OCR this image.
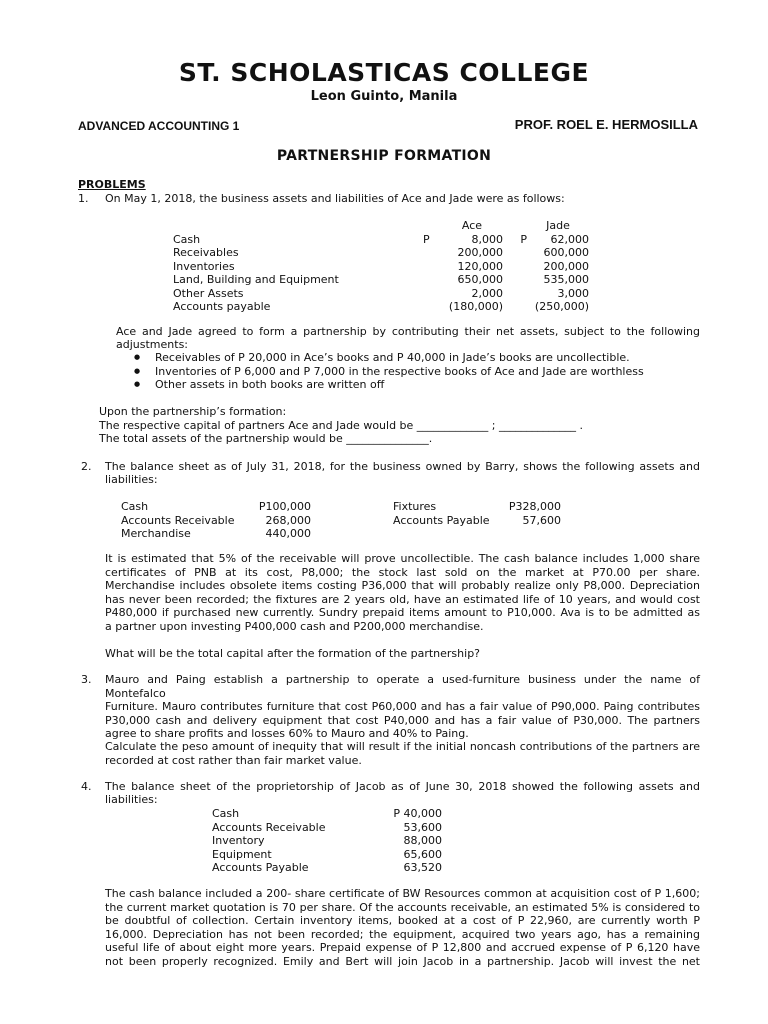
ST. SCHOLASTICAS COLLEGE
Leon Guinto, Manila
ADVANCED ACCOUNTING 1	PROF. ROEL E. HERMOSILLA
PARTNERSHIP FORMATION
PROBLEMS
1. On May 1, 2018, the business assets and liabilities of Ace and Jade were as follows:
		Ace		Jade
Cash	P	8,000	P	62,000
Receivables		200,000		600,000
Inventories		120,000		200,000
Land, Building and Equipment		650,000		535,000
Other Assets		2,000		3,000
Accounts payable		(180,000)		(250,000)
Ace and Jade agreed to form a partnership by contributing their net assets, subject to the following
adjustments:
● Receivables of P 20,000 in Ace’s books and P 40,000 in Jade’s books are uncollectible.
● Inventories of P 6,000 and P 7,000 in the respective books of Ace and Jade are worthless
● Other assets in both books are written off
Upon the partnership’s formation:
The respective capital of partners Ace and Jade would be _____________ ; ______________ .
The total assets of the partnership would be _______________.
2. The balance sheet as of July 31, 2018, for the business owned by Barry, shows the following assets and
liabilities:
Cash	P100,000
Accounts Receivable	268,000
Merchandise	440,000
Fixtures	P328,000
Accounts Payable	57,600
It is estimated that 5% of the receivable will prove uncollectible. The cash balance includes 1,000 share
certificates of PNB at its cost, P8,000; the stock last sold on the market at P70.00 per share.
Merchandise includes obsolete items costing P36,000 that will probably realize only P8,000. Depreciation
has never been recorded; the fixtures are 2 years old, have an estimated life of 10 years, and would cost
P480,000 if purchased new currently. Sundry prepaid items amount to P10,000. Ava is to be admitted as
a partner upon investing P400,000 cash and P200,000 merchandise.
What will be the total capital after the formation of the partnership?
3. Mauro and Paing establish a partnership to operate a used-furniture business under the name of Montefalco
Furniture. Mauro contributes furniture that cost P60,000 and has a fair value of P90,000. Paing contributes
P30,000 cash and delivery equipment that cost P40,000 and has a fair value of P30,000. The partners
agree to share profits and losses 60% to Mauro and 40% to Paing.
Calculate the peso amount of inequity that will result if the initial noncash contributions of the partners are
recorded at cost rather than fair market value.
4. The balance sheet of the proprietorship of Jacob as of June 30, 2018 showed the following assets and
liabilities:
Cash	P 40,000
Accounts Receivable	53,600
Inventory	88,000
Equipment	65,600
Accounts Payable	63,520
The cash balance included a 200- share certificate of BW Resources common at acquisition cost of P 1,600;
the current market quotation is 70 per share. Of the accounts receivable, an estimated 5% is considered to
be doubtful of collection. Certain inventory items, booked at a cost of P 22,960, are currently worth P
16,000. Depreciation has not been recorded; the equipment, acquired two years ago, has a remaining
useful life of about eight more years. Prepaid expense of P 12,800 and accrued expense of P 6,120 have
not been properly recognized. Emily and Bert will join Jacob in a partnership. Jacob will invest the net
